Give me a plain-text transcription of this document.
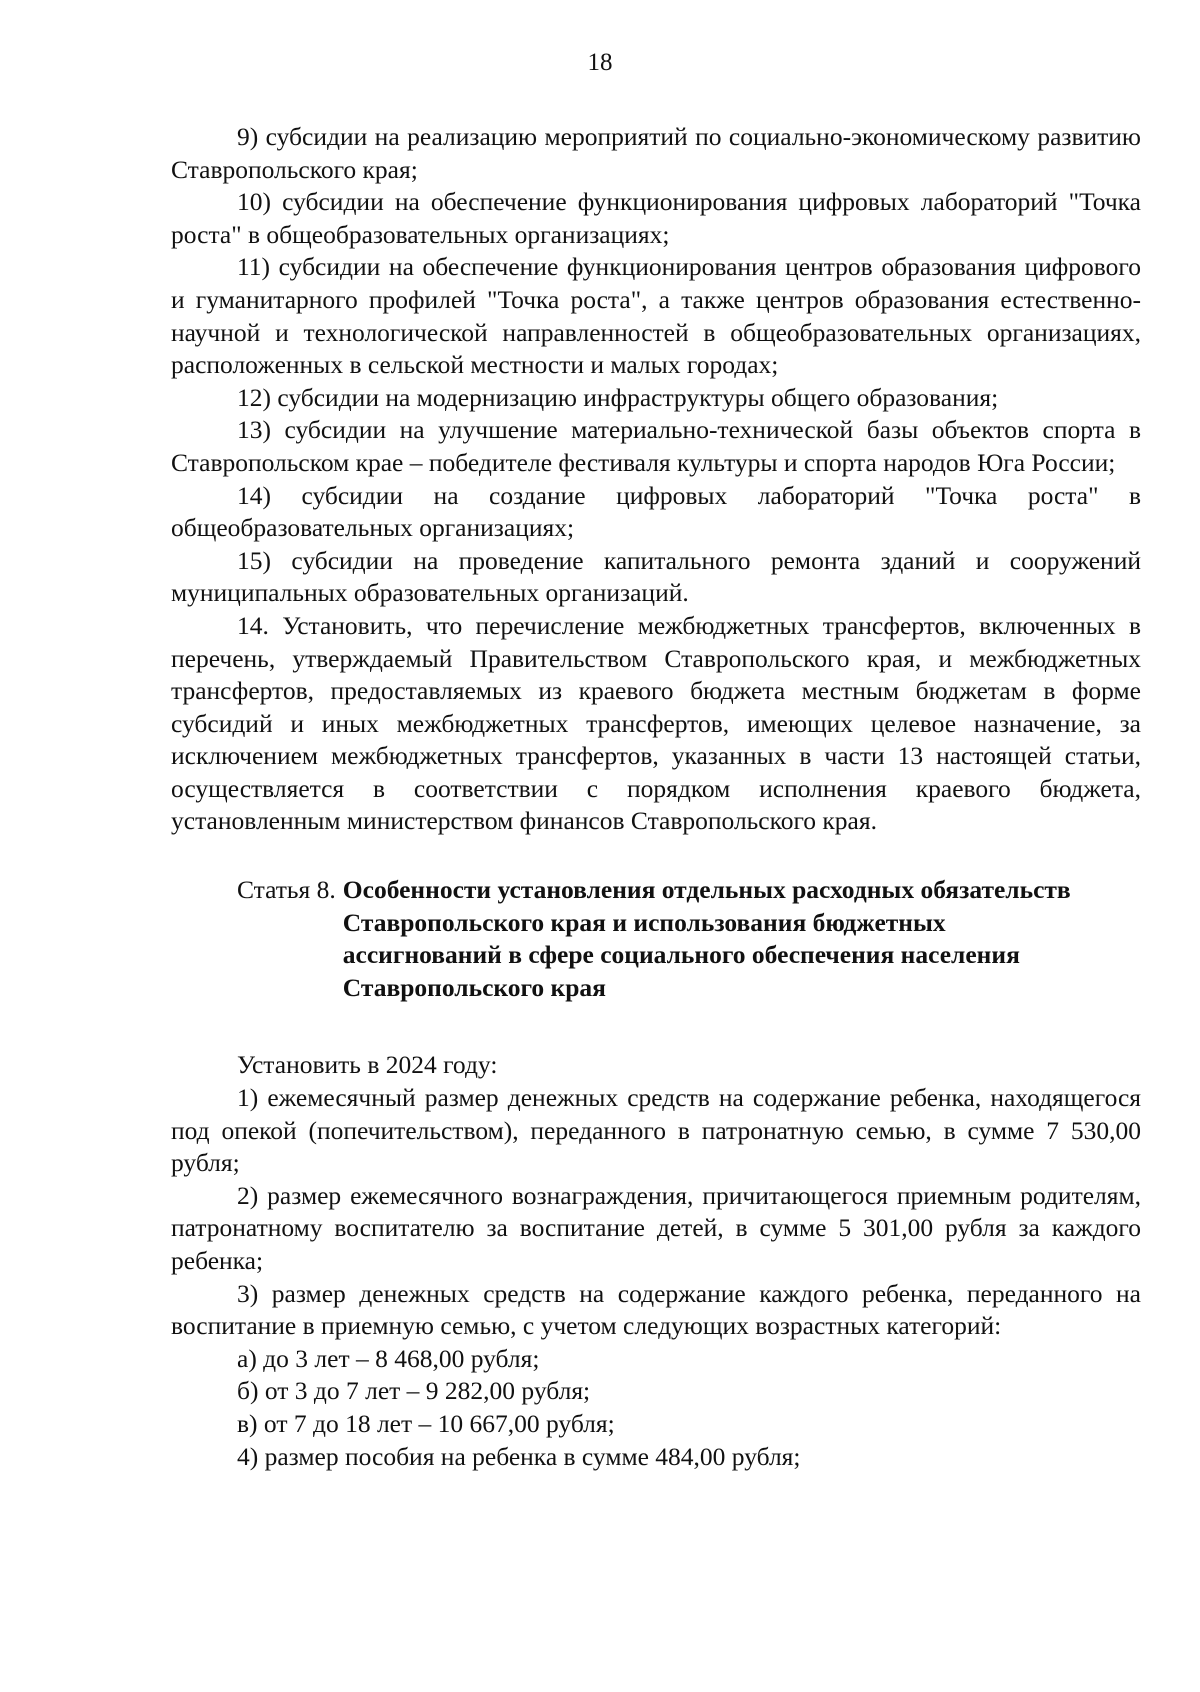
18

9) субсидии на реализацию мероприятий по социально-экономическому развитию Ставропольского края;

10) субсидии на обеспечение функционирования цифровых лабораторий "Точка роста" в общеобразовательных организациях;

11) субсидии на обеспечение функционирования центров образования цифрового и гуманитарного профилей "Точка роста", а также центров образования естественно-научной и технологической направленностей в общеобразовательных организациях, расположенных в сельской местности и малых городах;

12) субсидии на модернизацию инфраструктуры общего образования;

13) субсидии на улучшение материально-технической базы объектов спорта в Ставропольском крае – победителе фестиваля культуры и спорта народов Юга России;

14) субсидии на создание цифровых лабораторий "Точка роста" в общеобразовательных организациях;

15) субсидии на проведение капитального ремонта зданий и сооружений муниципальных образовательных организаций.

14. Установить, что перечисление межбюджетных трансфертов, включенных в перечень, утверждаемый Правительством Ставропольского края, и межбюджетных трансфертов, предоставляемых из краевого бюджета местным бюджетам в форме субсидий и иных межбюджетных трансфертов, имеющих целевое назначение, за исключением межбюджетных трансфертов, указанных в части 13 настоящей статьи, осуществляется в соответствии с порядком исполнения краевого бюджета, установленным министерством финансов Ставропольского края.

Статья 8. Особенности установления отдельных расходных обязательств Ставропольского края и использования бюджетных ассигнований в сфере социального обеспечения населения Ставропольского края

Установить в 2024 году:

1) ежемесячный размер денежных средств на содержание ребенка, находящегося под опекой (попечительством), переданного в патронатную семью, в сумме 7 530,00 рубля;

2) размер ежемесячного вознаграждения, причитающегося приемным родителям, патронатному воспитателю за воспитание детей, в сумме 5 301,00 рубля за каждого ребенка;

3) размер денежных средств на содержание каждого ребенка, переданного на воспитание в приемную семью, с учетом следующих возрастных категорий:

а) до 3 лет – 8 468,00 рубля;

б) от 3 до 7 лет – 9 282,00 рубля;

в) от 7 до 18 лет – 10 667,00 рубля;

4) размер пособия на ребенка в сумме 484,00 рубля;
